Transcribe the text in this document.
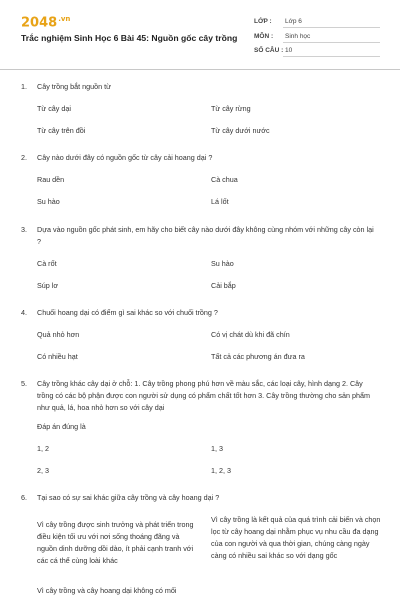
$2048^{.vn}$
Trắc nghiệm Sinh Học 6 Bài 45: Nguồn gốc cây trồng
LỚP : Lớp 6
MÔN : Sinh học
SỐ CÂU : 10
1. Cây trồng bắt nguồn từ
Từ cây dại	Từ cây rừng
Từ cây trên đồi	Từ cây dưới nước
2. Cây nào dưới đây có nguồn gốc từ cây cải hoang dại ?
Rau dền	Cà chua
Su hào	Lá lốt
3. Dựa vào nguồn gốc phát sinh, em hãy cho biết cây nào dưới đây không cùng nhóm với những cây còn lại ?
Cà rốt	Su hào
Súp lơ	Cải bắp
4. Chuối hoang dại có điểm gì sai khác so với chuối trồng ?
Quả nhỏ hơn	Có vị chát dù khi đã chín
Có nhiều hạt	Tất cả các phương án đưa ra
5. Cây trồng khác cây dại ở chỗ: 1. Cây trồng phong phú hơn về màu sắc, các loại cây, hình dạng 2. Cây trồng có các bộ phận được con người sử dụng có phẩm chất tốt hơn 3. Cây trồng thường cho sản phẩm như quả, lá, hoa nhỏ hơn so với cây dại
Đáp án đúng là
1, 2	1, 3
2, 3	1, 2, 3
6. Tại sao có sự sai khác giữa cây trồng và cây hoang dại ?
Vì cây trồng được sinh trưởng và phát triển trong điều kiện tối ưu với nơi sống thoáng đãng và nguồn dinh dưỡng dồi dào, ít phải cạnh tranh với các cá thể cùng loài khác
Vì cây trồng là kết quả của quá trình cải biến và chọn lọc từ cây hoang dại nhằm phục vụ nhu cầu đa dạng của con người và qua thời gian, chúng càng ngày càng có nhiều sai khác so với dạng gốc
Vì cây trồng và cây hoang dại không có mối
